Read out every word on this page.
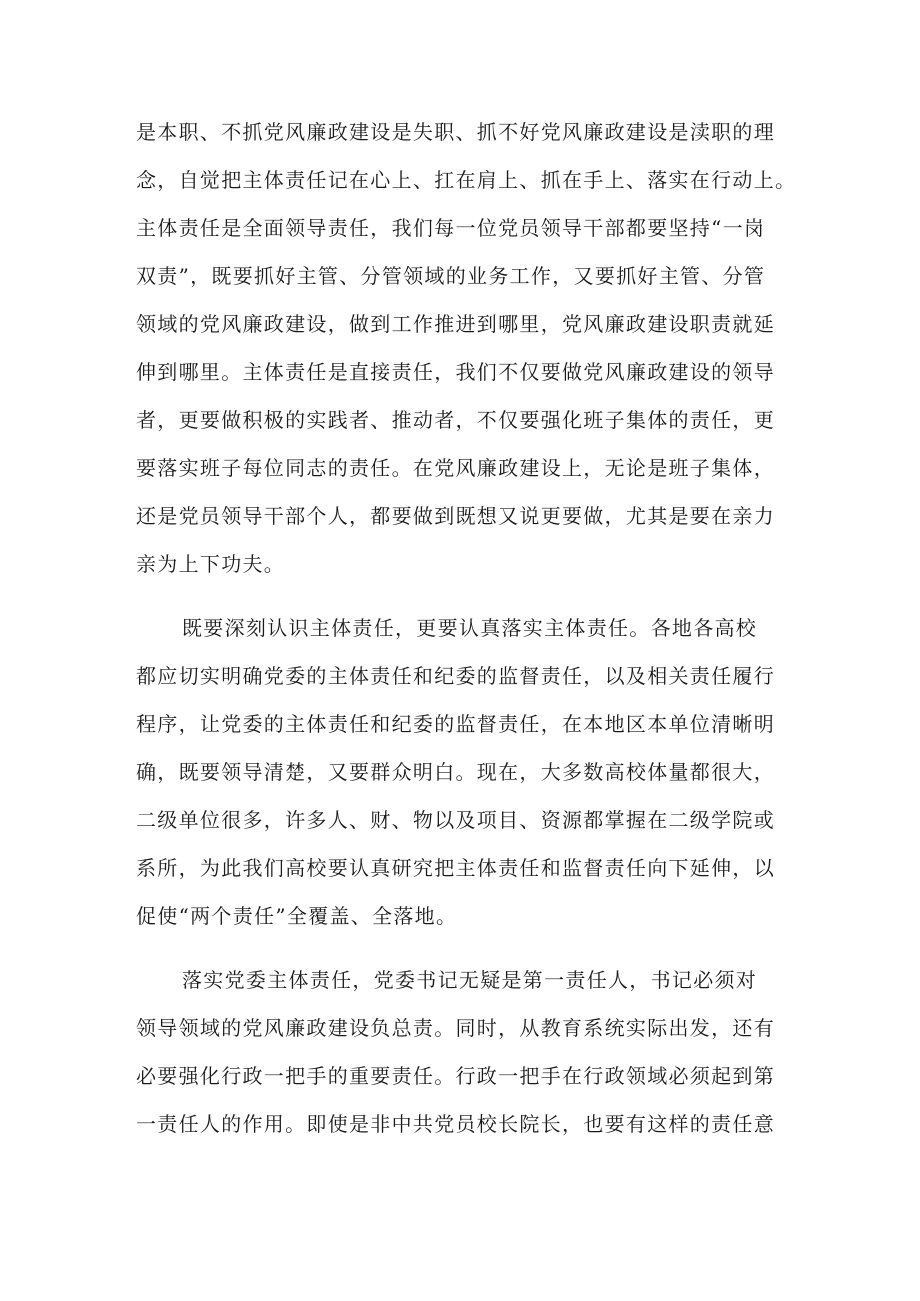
是本职、不抓党风廉政建设是失职、抓不好党风廉政建设是渎职的理

念，自觉把主体责任记在心上、扛在肩上、抓在手上、落实在行动上。

主体责任是全面领导责任，我们每一位党员领导干部都要坚持“一岗

双责”，既要抓好主管、分管领域的业务工作，又要抓好主管、分管

领域的党风廉政建设，做到工作推进到哪里，党风廉政建设职责就延

伸到哪里。主体责任是直接责任，我们不仅要做党风廉政建设的领导

者，更要做积极的实践者、推动者，不仅要强化班子集体的责任，更

要落实班子每位同志的责任。在党风廉政建设上，无论是班子集体，

还是党员领导干部个人，都要做到既想又说更要做，尤其是要在亲力

亲为上下功夫。

既要深刻认识主体责任，更要认真落实主体责任。各地各高校

都应切实明确党委的主体责任和纪委的监督责任，以及相关责任履行

程序，让党委的主体责任和纪委的监督责任，在本地区本单位清晰明

确，既要领导清楚，又要群众明白。现在，大多数高校体量都很大，

二级单位很多，许多人、财、物以及项目、资源都掌握在二级学院或

系所，为此我们高校要认真研究把主体责任和监督责任向下延伸，以

促使“两个责任”全覆盖、全落地。

落实党委主体责任，党委书记无疑是第一责任人，书记必须对

领导领域的党风廉政建设负总责。同时，从教育系统实际出发，还有

必要强化行政一把手的重要责任。行政一把手在行政领域必须起到第

一责任人的作用。即使是非中共党员校长院长，也要有这样的责任意
